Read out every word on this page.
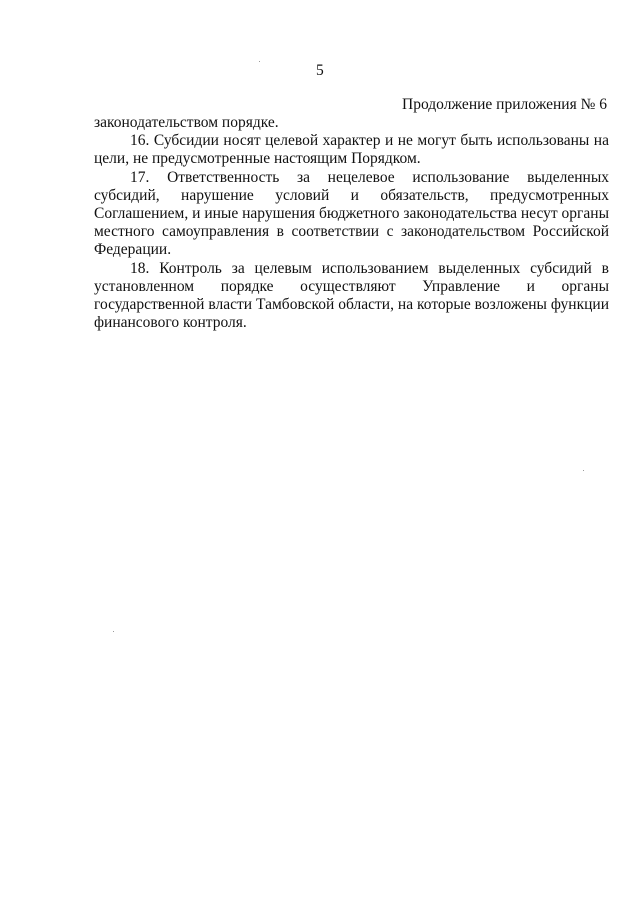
5
Продолжение приложения № 6

законодательством порядке.

16. Субсидии носят целевой характер и не могут быть использованы на цели, не предусмотренные настоящим Порядком.

17. Ответственность за нецелевое использование выделенных субсидий, нарушение условий и обязательств, предусмотренных Соглашением, и иные нарушения бюджетного законодательства несут органы местного самоуправления в соответствии с законодательством Российской Федерации.

18. Контроль за целевым использованием выделенных субсидий в установленном порядке осуществляют Управление и органы государственной власти Тамбовской области, на которые возложены функции финансового контроля.
